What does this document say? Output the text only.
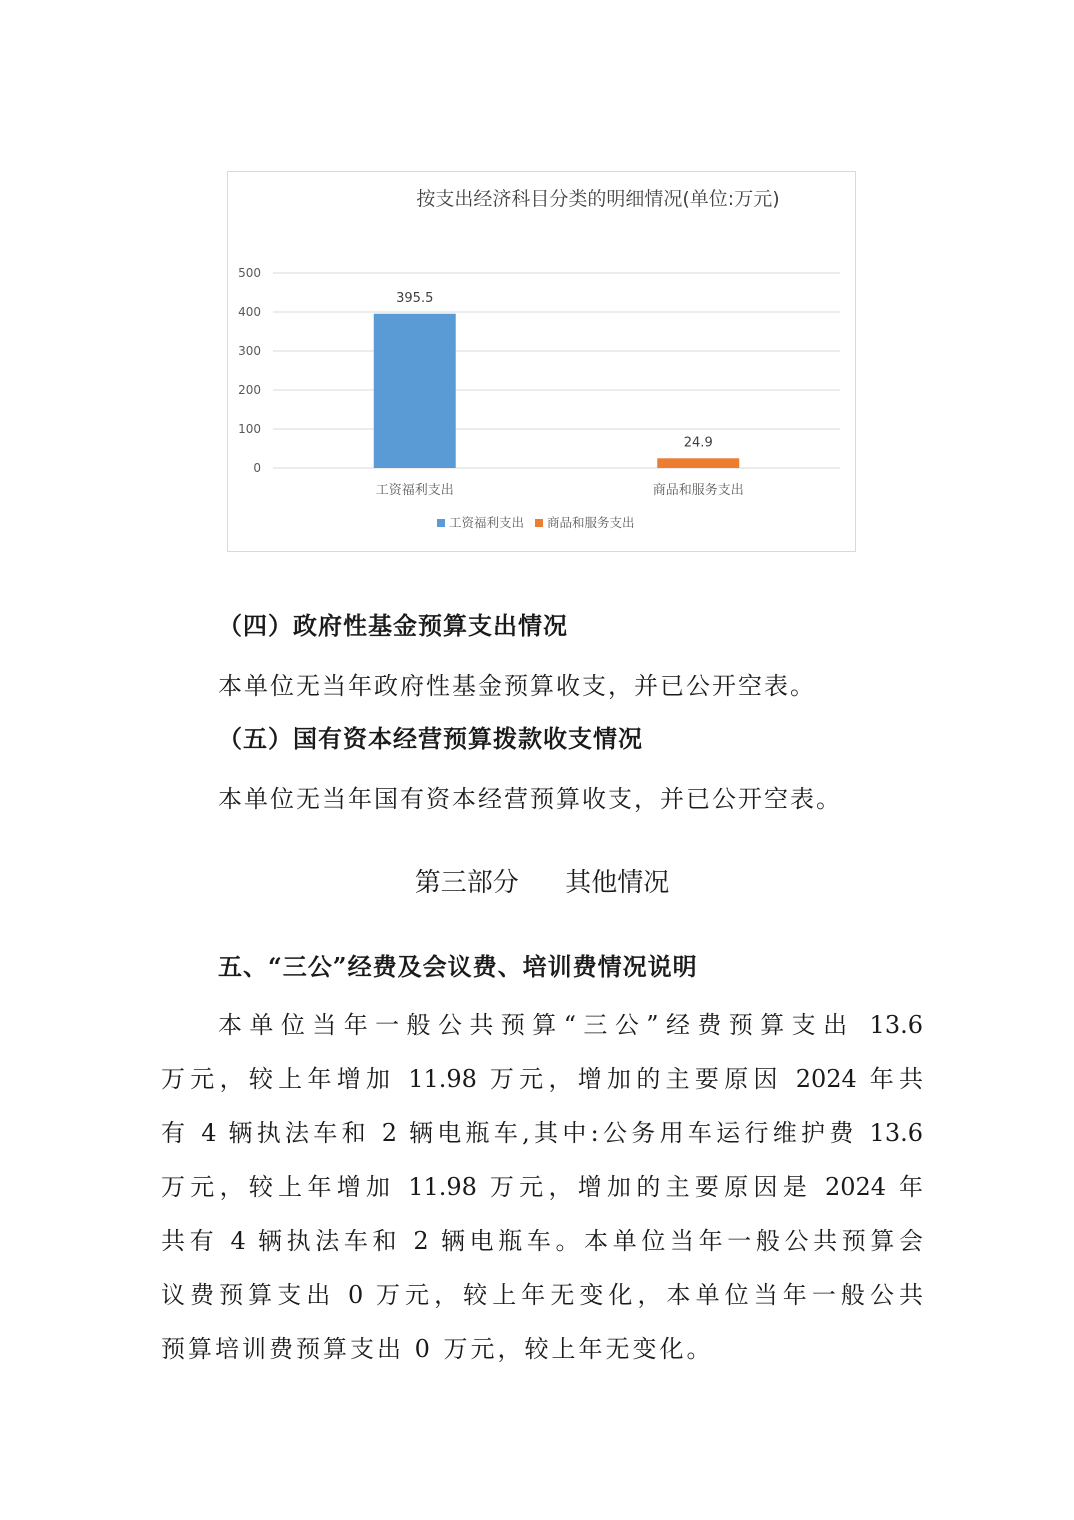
按支出经济科目分类的明细情况(单位:万元)
0
100
200
300
400
500
395.5
24.9
工资福利支出	商品和服务支出
工资福利支出 商品和服务支出
（四）政府性基金预算支出情况
本单位无当年政府性基金预算收支，并已公开空表。
（五）国有资本经营预算拨款收支情况
本单位无当年国有资本经营预算收支，并已公开空表。
第三部分 其他情况
五、“三公”经费及会议费、培训费情况说明
本单位当年一般公共预算“三公”经费预算支出 13.6
万元，较上年增加 11.98 万元，增加的主要原因 2024 年共
有 4 辆执法车和 2 辆电瓶车,其中:公务用车运行维护费 13.6
万元，较上年增加 11.98 万元，增加的主要原因是 2024 年
共有 4 辆执法车和 2 辆电瓶车。本单位当年一般公共预算会
议费预算支出 0 万元，较上年无变化，本单位当年一般公共
预算培训费预算支出 0 万元，较上年无变化。
